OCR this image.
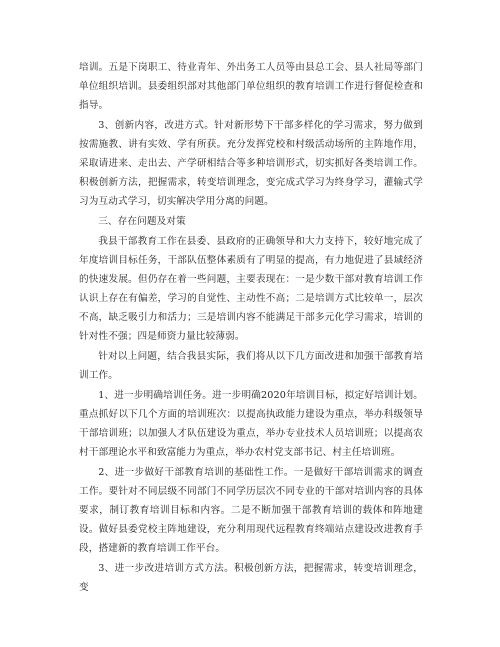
培训。五是下岗职工、待业青年、外出务工人员等由县总工会、县人社局等部门单位组织培训。县委组织部对其他部门单位组织的教育培训工作进行督促检查和指导。

3、创新内容，改进方式。针对新形势下干部多样化的学习需求，努力做到按需施教、讲有实效、学有所获。充分发挥党校和村级活动场所的主阵地作用，采取请进来、走出去、产学研相结合等多种培训形式，切实抓好各类培训工作。积极创新方法，把握需求，转变培训理念，变完成式学习为终身学习，灌输式学习为互动式学习，切实解决学用分离的问题。

三、存在问题及对策

我县干部教育工作在县委、县政府的正确领导和大力支持下，较好地完成了年度培训目标任务，干部队伍整体素质有了明显的提高，有力地促进了县域经济的快速发展。但仍存在着一些问题，主要表现在：一是少数干部对教育培训工作认识上存在有偏差，学习的自觉性、主动性不高；二是培训方式比较单一，层次不高，缺乏吸引力和活力；三是培训内容不能满足干部多元化学习需求，培训的针对性不强；四是师资力量比较薄弱。

针对以上问题，结合我县实际，我们将从以下几方面改进和加强干部教育培训工作。

1、进一步明确培训任务。进一步明确2020年培训目标，拟定好培训计划。重点抓好以下几个方面的培训班次：以提高执政能力建设为重点，举办科级领导干部培训班；以加强人才队伍建设为重点，举办专业技术人员培训班；以提高农村干部理论水平和致富能力为重点，举办农村党支部书记、村主任培训班。

2、进一步做好干部教育培训的基础性工作。一是做好干部培训需求的调查工作。要针对不同层级不同部门不同学历层次不同专业的干部对培训内容的具体要求，制订教育培训目标和内容。二是不断加强干部教育培训的载体和阵地建设。做好县委党校主阵地建设，充分利用现代远程教育终端站点建设改进教育手段，搭建新的教育培训工作平台。

3、进一步改进培训方式方法。积极创新方法，把握需求，转变培训理念，变
